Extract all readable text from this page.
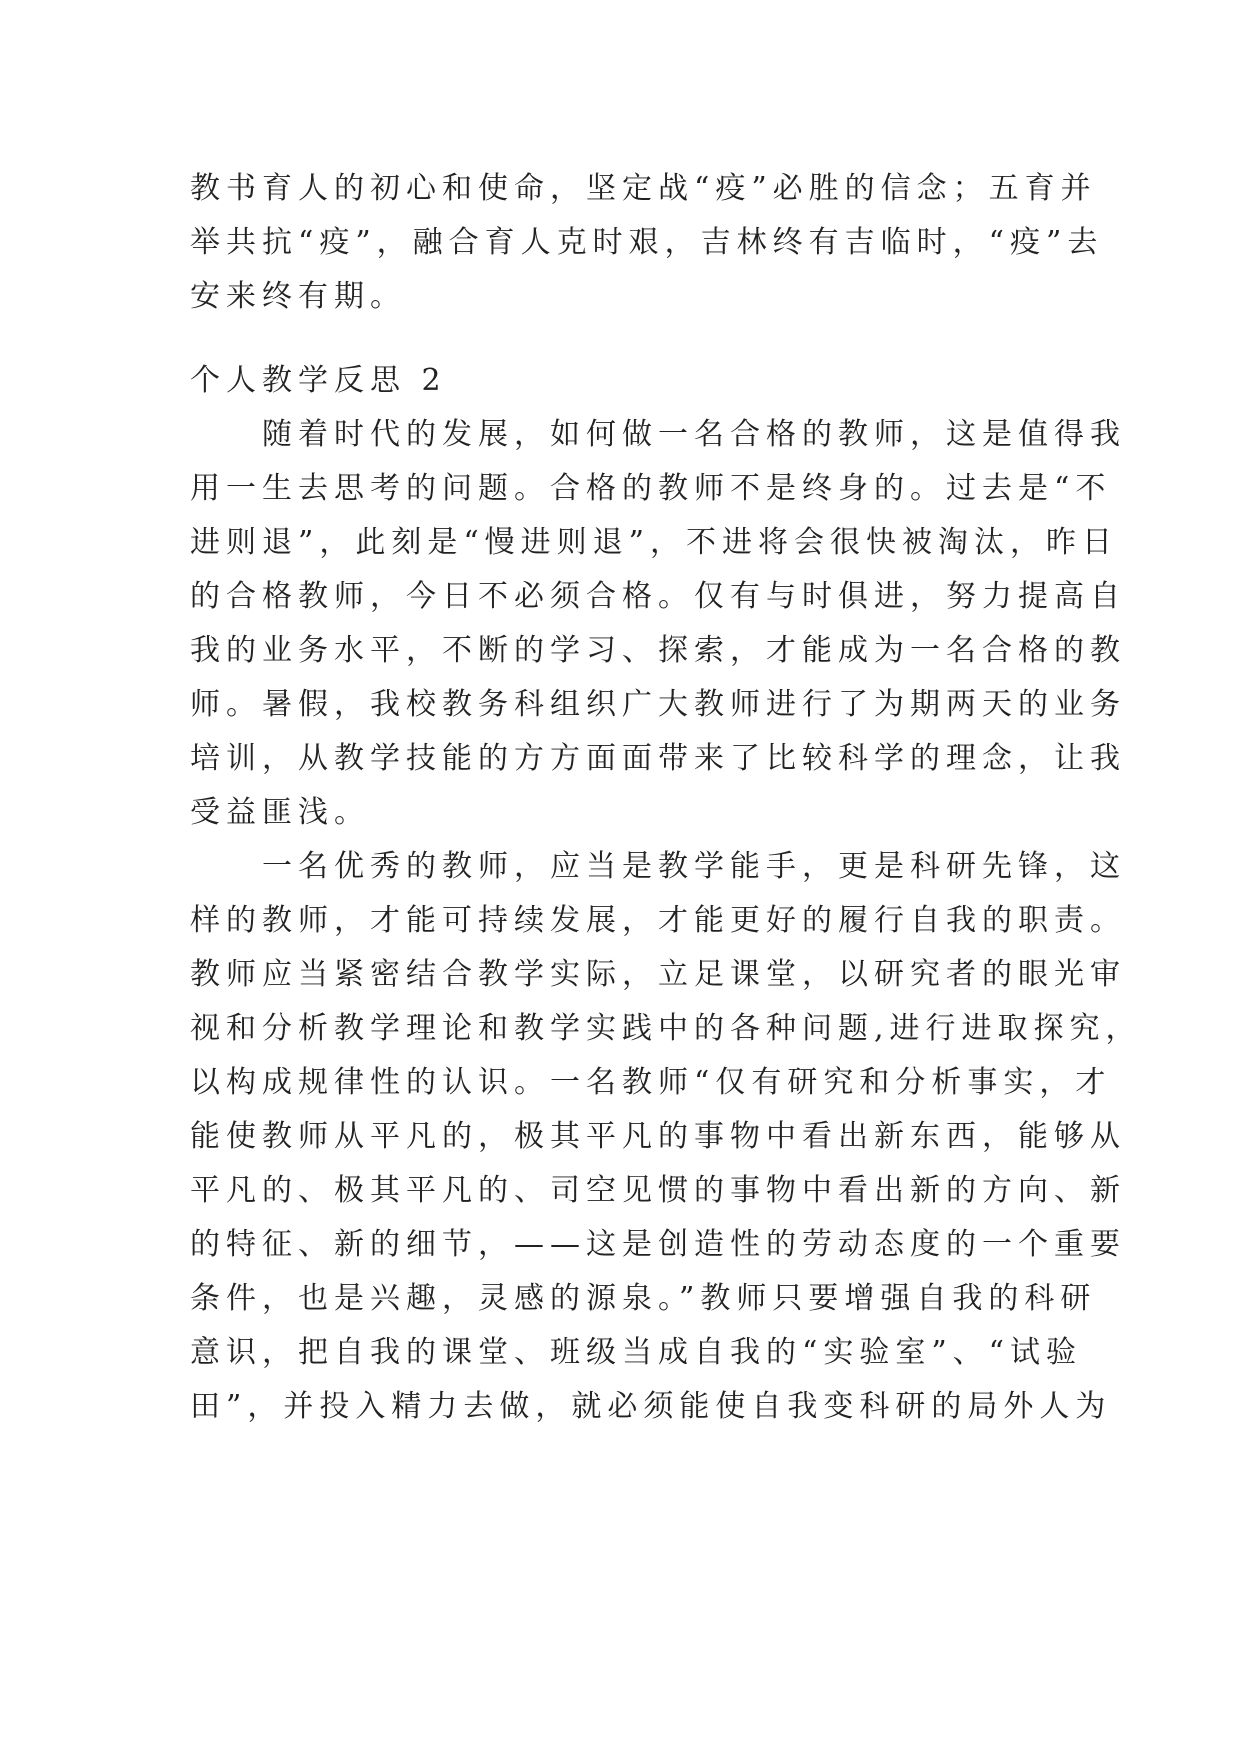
教书育人的初心和使命，坚定战“疫”必胜的信念；五育并
举共抗“疫”，融合育人克时艰，吉林终有吉临时，“疫”去
安来终有期。
个人教学反思 2
　　随着时代的发展，如何做一名合格的教师，这是值得我
用一生去思考的问题。合格的教师不是终身的。过去是“不
进则退”，此刻是“慢进则退”，不进将会很快被淘汰，昨日
的合格教师，今日不必须合格。仅有与时俱进，努力提高自
我的业务水平，不断的学习、探索，才能成为一名合格的教
师。暑假，我校教务科组织广大教师进行了为期两天的业务
培训，从教学技能的方方面面带来了比较科学的理念，让我
受益匪浅。
　　一名优秀的教师，应当是教学能手，更是科研先锋，这
样的教师，才能可持续发展，才能更好的履行自我的职责。
教师应当紧密结合教学实际，立足课堂，以研究者的眼光审
视和分析教学理论和教学实践中的各种问题,进行进取探究，
以构成规律性的认识。一名教师“仅有研究和分析事实，才
能使教师从平凡的，极其平凡的事物中看出新东西，能够从
平凡的、极其平凡的、司空见惯的事物中看出新的方向、新
的特征、新的细节，——这是创造性的劳动态度的一个重要
条件，也是兴趣，灵感的源泉。”教师只要增强自我的科研
意识，把自我的课堂、班级当成自我的“实验室”、“试验
田”，并投入精力去做，就必须能使自我变科研的局外人为
